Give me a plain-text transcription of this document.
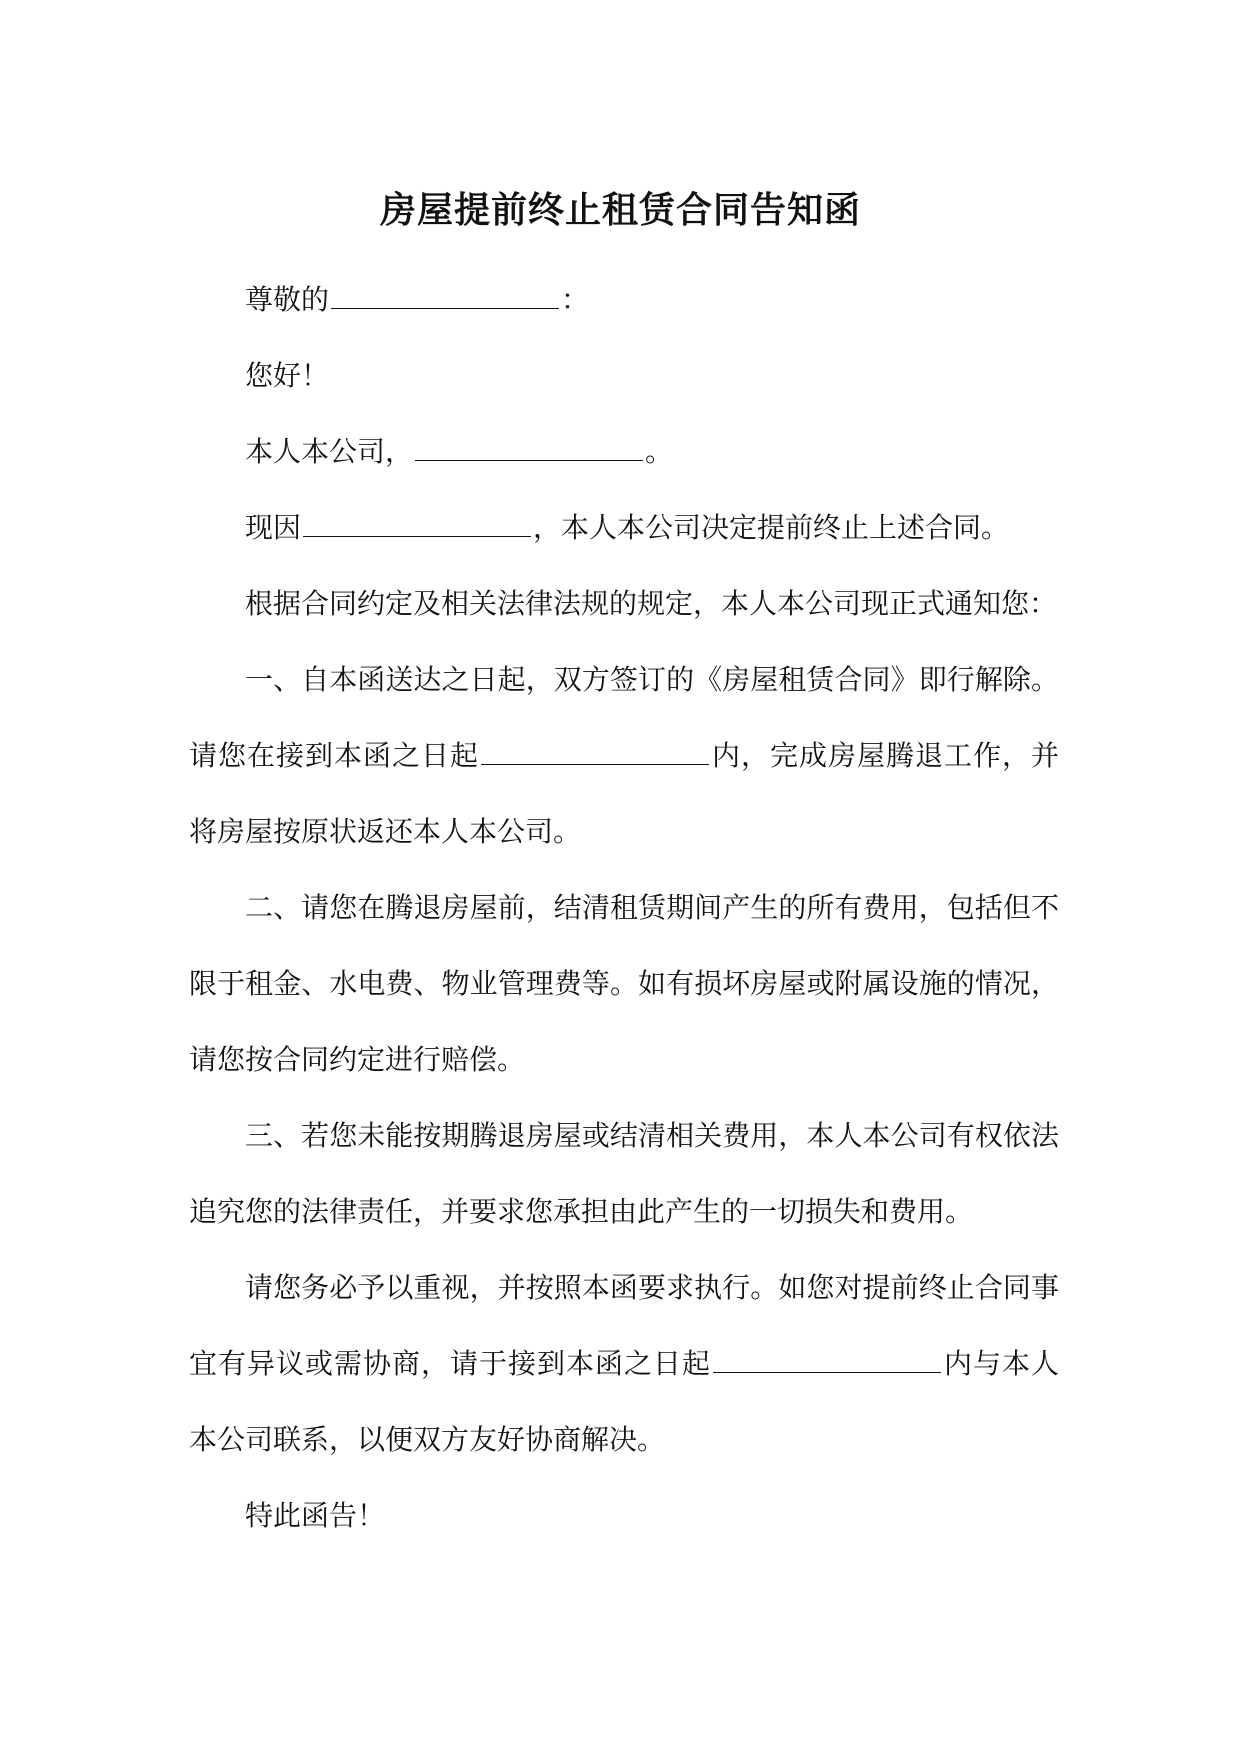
房屋提前终止租赁合同告知函

尊敬的	：

您好！

本人本公司，	。

现因	，本人本公司决定提前终止上述合同。

根据合同约定及相关法律法规的规定，本人本公司现正式通知您：

一、自本函送达之日起，双方签订的《房屋租赁合同》即行解除。请您在接到本函之日起	内，完成房屋腾退工作，并将房屋按原状返还本人本公司。

二、请您在腾退房屋前，结清租赁期间产生的所有费用，包括但不限于租金、水电费、物业管理费等。如有损坏房屋或附属设施的情况，请您按合同约定进行赔偿。

三、若您未能按期腾退房屋或结清相关费用，本人本公司有权依法追究您的法律责任，并要求您承担由此产生的一切损失和费用。

请您务必予以重视，并按照本函要求执行。如您对提前终止合同事宜有异议或需协商，请于接到本函之日起	内与本人本公司联系，以便双方友好协商解决。

特此函告！
